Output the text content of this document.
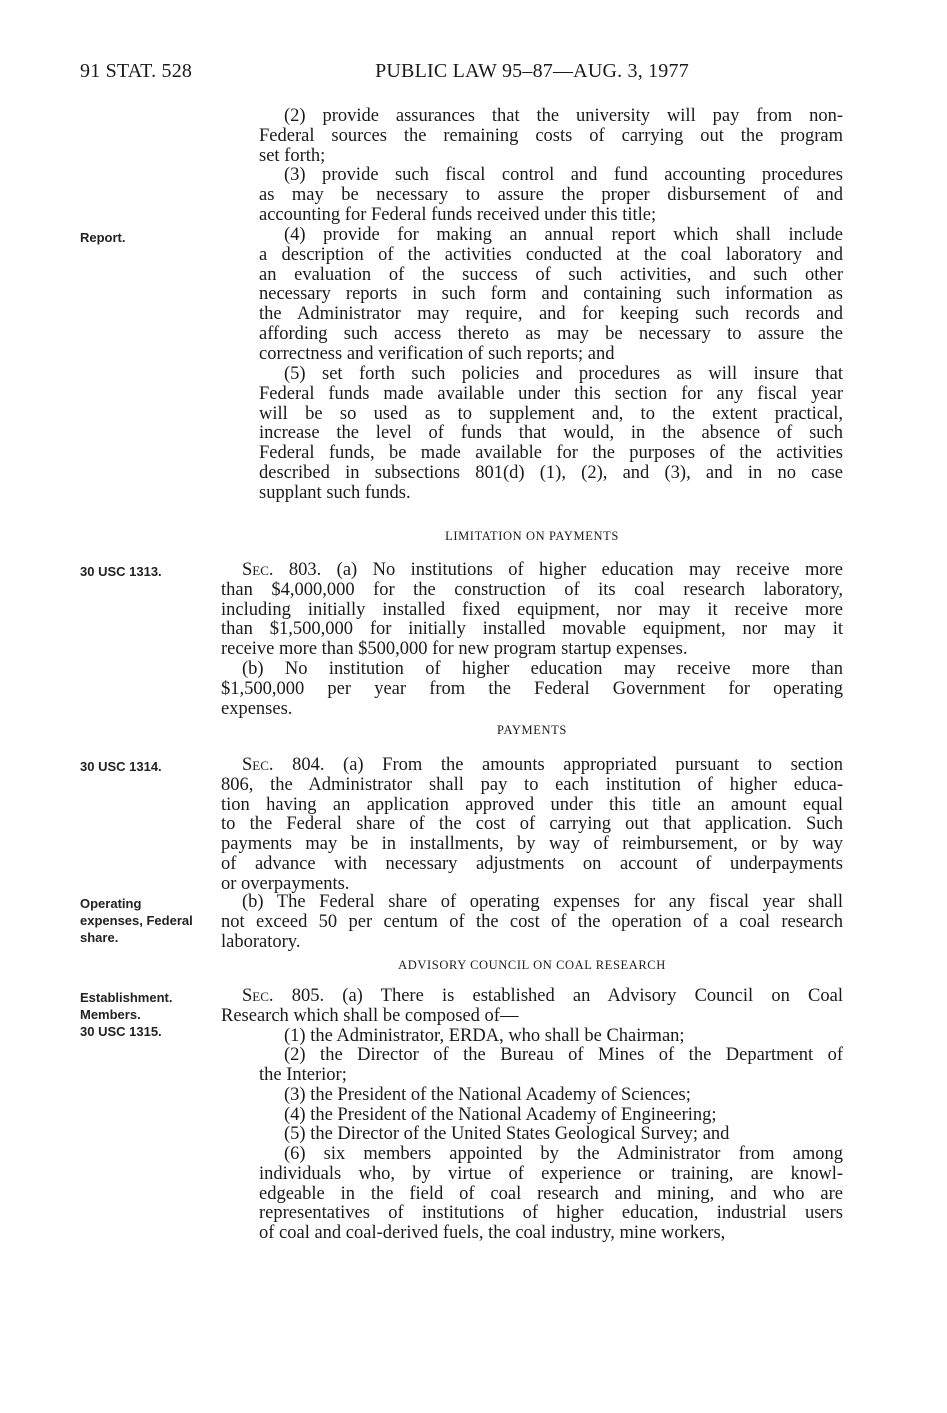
91 STAT. 528	PUBLIC LAW 95–87—AUG. 3, 1977
Report.
30 USC 1313.
30 USC 1314.
Operating
expenses, Federal
share.
Establishment.
Members.
30 USC 1315.
LIMITATION ON PAYMENTS
PAYMENTS
ADVISORY COUNCIL ON COAL RESEARCH
(2) provide assurances that the university will pay from non-
Federal sources the remaining costs of carrying out the program
set forth;
(3) provide such fiscal control and fund accounting procedures
as may be necessary to assure the proper disbursement of and
accounting for Federal funds received under this title;
(4) provide for making an annual report which shall include
a description of the activities conducted at the coal laboratory and
an evaluation of the success of such activities, and such other
necessary reports in such form and containing such information as
the Administrator may require, and for keeping such records and
affording such access thereto as may be necessary to assure the
correctness and verification of such reports; and
(5) set forth such policies and procedures as will insure that
Federal funds made available under this section for any fiscal year
will be so used as to supplement and, to the extent practical,
increase the level of funds that would, in the absence of such
Federal funds, be made available for the purposes of the activities
described in subsections 801(d) (1), (2), and (3), and in no case
supplant such funds.
Sec. 803. (a) No institutions of higher education may receive more
than $4,000,000 for the construction of its coal research laboratory,
including initially installed fixed equipment, nor may it receive more
than $1,500,000 for initially installed movable equipment, nor may it
receive more than $500,000 for new program startup expenses.
(b) No institution of higher education may receive more than
$1,500,000 per year from the Federal Government for operating
expenses.
Sec. 804. (a) From the amounts appropriated pursuant to section
806, the Administrator shall pay to each institution of higher educa-
tion having an application approved under this title an amount equal
to the Federal share of the cost of carrying out that application. Such
payments may be in installments, by way of reimbursement, or by way
of advance with necessary adjustments on account of underpayments
or overpayments.
(b) The Federal share of operating expenses for any fiscal year shall
not exceed 50 per centum of the cost of the operation of a coal research
laboratory.
Sec. 805. (a) There is established an Advisory Council on Coal
Research which shall be composed of—
(1) the Administrator, ERDA, who shall be Chairman;
(2) the Director of the Bureau of Mines of the Department of
the Interior;
(3) the President of the National Academy of Sciences;
(4) the President of the National Academy of Engineering;
(5) the Director of the United States Geological Survey; and
(6) six members appointed by the Administrator from among
individuals who, by virtue of experience or training, are knowl-
edgeable in the field of coal research and mining, and who are
representatives of institutions of higher education, industrial users
of coal and coal-derived fuels, the coal industry, mine workers,
